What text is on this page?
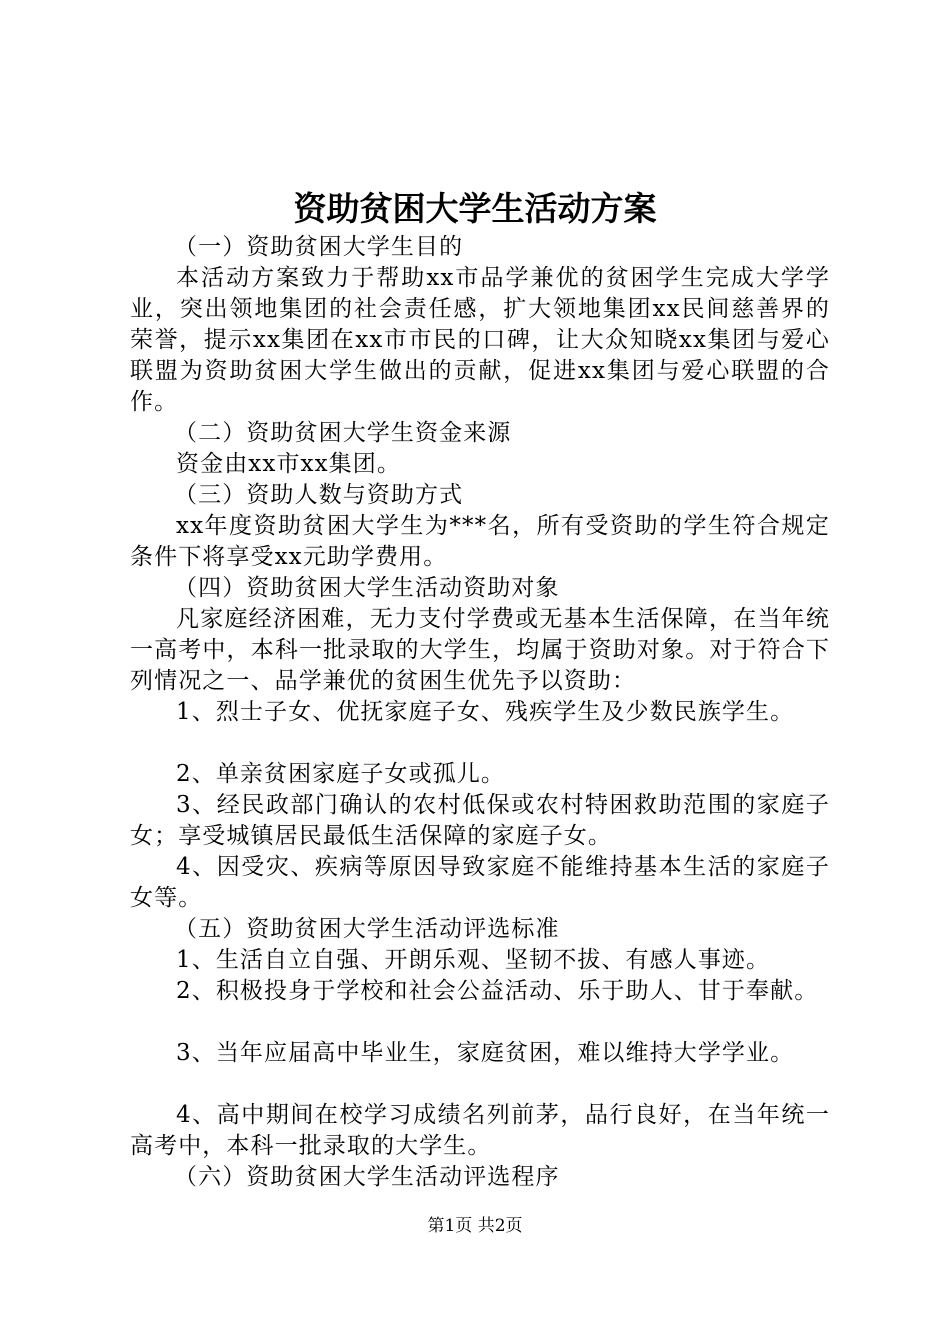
资助贫困大学生活动方案

（一）资助贫困大学生目的

本活动方案致力于帮助xx市品学兼优的贫困学生完成大学学业，突出领地集团的社会责任感，扩大领地集团xx民间慈善界的荣誉，提示xx集团在xx市市民的口碑，让大众知晓xx集团与爱心联盟为资助贫困大学生做出的贡献，促进xx集团与爱心联盟的合作。

（二）资助贫困大学生资金来源

资金由xx市xx集团。

（三）资助人数与资助方式

xx年度资助贫困大学生为***名，所有受资助的学生符合规定条件下将享受xx元助学费用。

（四）资助贫困大学生活动资助对象

凡家庭经济困难，无力支付学费或无基本生活保障，在当年统一高考中，本科一批录取的大学生，均属于资助对象。对于符合下列情况之一、品学兼优的贫困生优先予以资助：

1、烈士子女、优抚家庭子女、残疾学生及少数民族学生。

2、单亲贫困家庭子女或孤儿。

3、经民政部门确认的农村低保或农村特困救助范围的家庭子女；享受城镇居民最低生活保障的家庭子女。

4、因受灾、疾病等原因导致家庭不能维持基本生活的家庭子女等。

（五）资助贫困大学生活动评选标准

1、生活自立自强、开朗乐观、坚韧不拔、有感人事迹。

2、积极投身于学校和社会公益活动、乐于助人、甘于奉献。

3、当年应届高中毕业生，家庭贫困，难以维持大学学业。

4、高中期间在校学习成绩名列前茅，品行良好，在当年统一高考中，本科一批录取的大学生。

（六）资助贫困大学生活动评选程序

第1页 共2页
